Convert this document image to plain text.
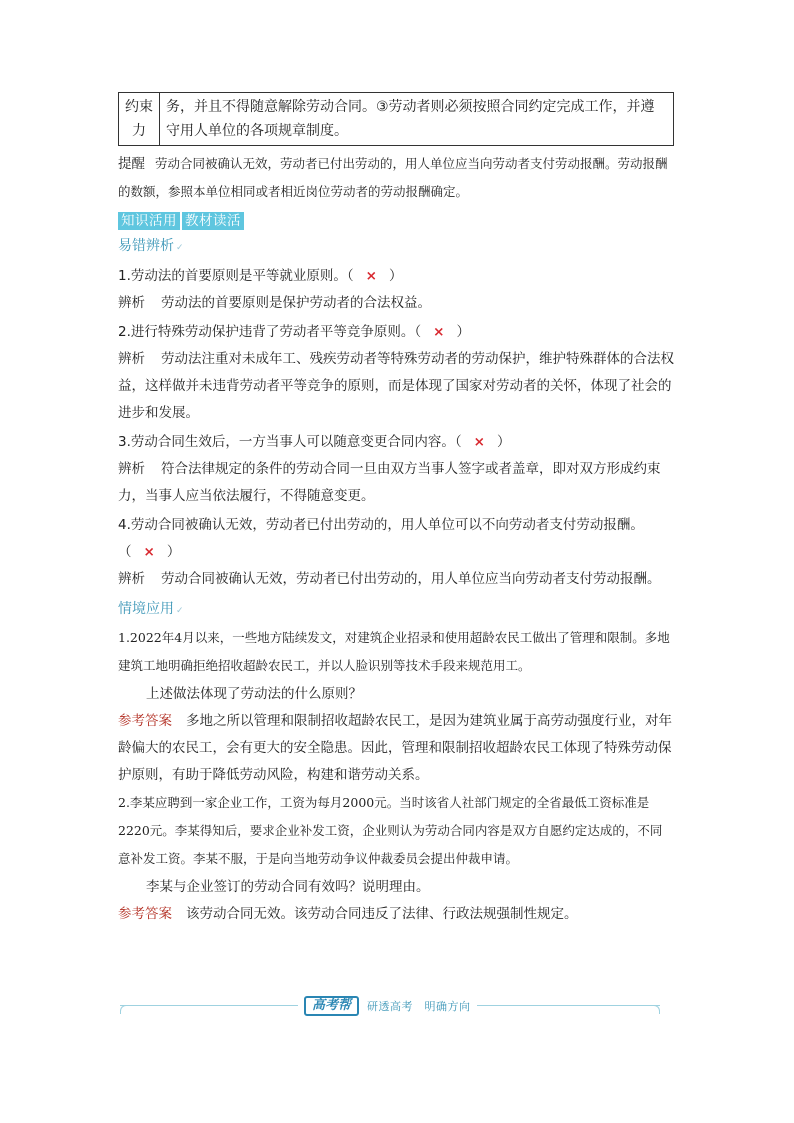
约束力	务，并且不得随意解除劳动合同。③劳动者则必须按照合同约定完成工作，并遵守用人单位的各项规章制度。

提醒 劳动合同被确认无效，劳动者已付出劳动的，用人单位应当向劳动者支付劳动报酬。劳动报酬的数额，参照本单位相同或者相近岗位劳动者的劳动报酬确定。

知识活用 教材读活
易错辨析 ✓

1.劳动法的首要原则是平等就业原则。（ × ）

辨析 劳动法的首要原则是保护劳动者的合法权益。

2.进行特殊劳动保护违背了劳动者平等竞争原则。（ × ）

辨析 劳动法注重对未成年工、残疾劳动者等特殊劳动者的劳动保护，维护特殊群体的合法权益，这样做并未违背劳动者平等竞争的原则，而是体现了国家对劳动者的关怀，体现了社会的进步和发展。

3.劳动合同生效后，一方当事人可以随意变更合同内容。（ × ）

辨析 符合法律规定的条件的劳动合同一旦由双方当事人签字或者盖章，即对双方形成约束力，当事人应当依法履行，不得随意变更。

4.劳动合同被确认无效，劳动者已付出劳动的，用人单位可以不向劳动者支付劳动报酬。（ × ）

辨析 劳动合同被确认无效，劳动者已付出劳动的，用人单位应当向劳动者支付劳动报酬。

情境应用 ✓

1.2022年4月以来，一些地方陆续发文，对建筑企业招录和使用超龄农民工做出了管理和限制。多地建筑工地明确拒绝招收超龄农民工，并以人脸识别等技术手段来规范用工。

上述做法体现了劳动法的什么原则？

参考答案 多地之所以管理和限制招收超龄农民工，是因为建筑业属于高劳动强度行业，对年龄偏大的农民工，会有更大的安全隐患。因此，管理和限制招收超龄农民工体现了特殊劳动保护原则，有助于降低劳动风险，构建和谐劳动关系。

2.李某应聘到一家企业工作，工资为每月2000元。当时该省人社部门规定的全省最低工资标准是2220元。李某得知后，要求企业补发工资，企业则认为劳动合同内容是双方自愿约定达成的，不同意补发工资。李某不服，于是向当地劳动争议仲裁委员会提出仲裁申请。

李某与企业签订的劳动合同有效吗？说明理由。

参考答案 该劳动合同无效。该劳动合同违反了法律、行政法规强制性规定。

高考帮	研透高考　明确方向
